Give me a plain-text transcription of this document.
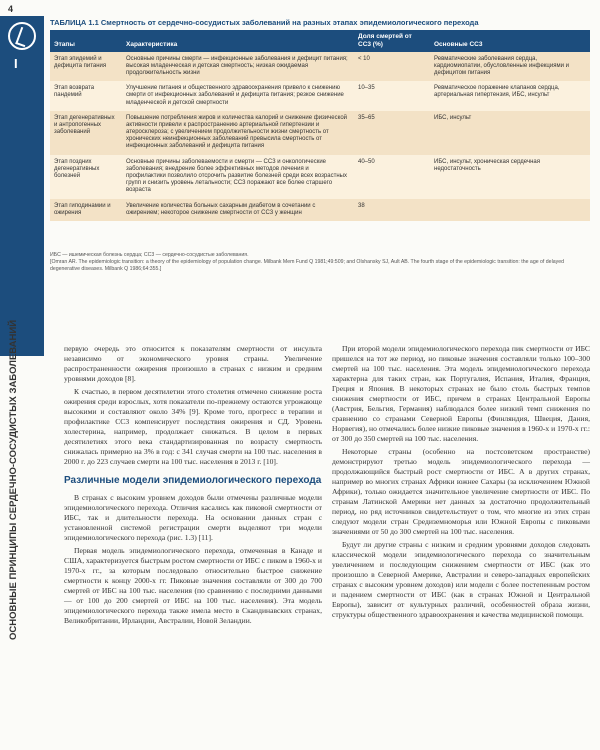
4
I
ОСНОВНЫЕ ПРИНЦИПЫ СЕРДЕЧНО-СОСУДИСТЫХ ЗАБОЛЕВАНИЙ
ТАБЛИЦА 1.1 Смертность от сердечно-сосудистых заболеваний на разных этапах эпидемиологического перехода
Этапы	Характеристика	Доля смертей от СС3 (%)	Основные СС3
Этап эпидемий и дефицита питания	Основные причины смерти — инфекционные заболевания и дефицит питания; высокая младенческая и детская смертность; низкая ожидаемая продолжительность жизни	< 10	Ревматические заболевания сердца, кардиомиопатии, обусловленные инфекциями и дефицитом питания
Этап возврата пандемий	Улучшение питания и общественного здравоохранения привело к снижению смерти от инфекционных заболеваний и дефицита питания; резкое снижение младенческой и детской смертности	10–35	Ревматическое поражение клапанов сердца, артериальная гипертензия, ИБС, инсульт
Этап дегенеративных и антропогенных заболеваний	Повышение потребления жиров и количества калорий и снижение физической активности привели к распространению артериальной гипертензии и атеросклероза; с увеличением продолжительности жизни смертность от хронических неинфекционных заболеваний превысила смертность от инфекционных заболеваний и дефицита питания	35–65	ИБС, инсульт
Этап поздних дегенеративных болезней	Основные причины заболеваемости и смерти — СС3 и онкологические заболевания; внедрение более эффективных методов лечения и профилактики позволило отсрочить развитие болезней среди всех возрастных групп и снизить уровень летальности; СС3 поражают все более старшего возраста	40–50	ИБС, инсульт, хроническая сердечная недостаточность
Этап гиподинамии и ожирения	Увеличение количества больных сахарным диабетом в сочетании с ожирением; некоторое снижение смертности от СС3 у женщин	38	
ИБС — ишемическая болезнь сердца; СС3 — сердечно-сосудистые заболевания.
[Omran AR. The epidemiologic transition: a theory of the epidemiology of population change. Milbank Mem Fund Q 1981;49:509; and Olshansky SJ, Ault AB. The fourth stage of the epidemiologic transition: the age of delayed degenerative diseases. Milbank Q 1986;64:355.]

первую очередь это относится к показателям смертности от инсульта независимо от экономического уровня страны. Увеличение распространенности ожирения произошло в странах с низким и средним уровнями доходов [8].

К счастью, в первом десятилетии этого столетия отмечено снижение роста ожирения среди взрослых, хотя показатели по-прежнему остаются угрожающе высокими и составляют около 34% [9]. Кроме того, прогресс в терапии и профилактике СС3 компенсирует последствия ожирения и СД. Уровень холестерина, например, продолжает снижаться. В целом в первых десятилетиях этого века стандартизированная по возрасту смертность снижалась примерно на 3% в год: с 341 случая смерти на 100 тыс. населения в 2000 г. до 223 случаев смерти на 100 тыс. населения в 2013 г. [10].

Различные модели эпидемиологического перехода

В странах с высоким уровнем доходов были отмечены различные модели эпидемиологического перехода. Отличия касались как пиковой смертности от ИБС, так и длительности перехода. На основании данных стран с установленной системой регистрации смерти выделяют три модели эпидемиологического перехода (рис. 1.3) [11].

Первая модель эпидемиологического перехода, отмеченная в Канаде и США, характеризуется быстрым ростом смертности от ИБС с пиком в 1960-х и 1970-х гг., за которым последовало относительно быстрое снижение смертности к концу 2000-х гг. Пиковые значения составляли от 300 до 700 смертей от ИБС на 100 тыс. населения (по сравнению с последними данными — от 100 до 200 смертей от ИБС на 100 тыс. населения). Эта модель эпидемиологического перехода также имела место в Скандинавских странах, Великобритании, Ирландии, Австралии, Новой Зеландии.

При второй модели эпидемиологического перехода пик смертности от ИБС пришелся на тот же период, но пиковые значения составляли только 100–300 смертей на 100 тыс. населения. Эта модель эпидемиологического перехода характерна для таких стран, как Португалия, Испания, Италия, Франция, Греция и Япония. В некоторых странах не было столь быстрых темпов снижения смертности от ИБС, причем в странах Центральной Европы (Австрия, Бельгия, Германия) наблюдался более низкий темп снижения по сравнению со странами Северной Европы (Финляндия, Швеция, Дания, Норвегия), но отмечались более низкие пиковые значения в 1960-х и 1970-х гг.: от 300 до 350 смертей на 100 тыс. населения.

Некоторые страны (особенно на постсоветском пространстве) демонстрируют третью модель эпидемиологического перехода — продолжающийся быстрый рост смертности от ИБС. А в других странах, например во многих странах Африки южнее Сахары (за исключением Южной Африки), только ожидается значительное увеличение смертности от ИБС. По странам Латинской Америки нет данных за достаточно продолжительный период, но ряд источников свидетельствует о том, что многие из этих стран следуют модели стран Средиземноморья или Южной Европы с пиковыми значениями от 50 до 300 смертей на 100 тыс. населения.

Будут ли другие страны с низким и средним уровнями доходов следовать классической модели эпидемиологического перехода со значительным увеличением и последующим снижением смертности от ИБС (как это произошло в Северной Америке, Австралии и северо-западных европейских странах с высоким уровнем доходов) или модели с более постепенным ростом и падением смертности от ИБС (как в странах Южной и Центральной Европы), зависит от культурных различий, особенностей образа жизни, структуры общественного здравоохранения и качества медицинской помощи.
